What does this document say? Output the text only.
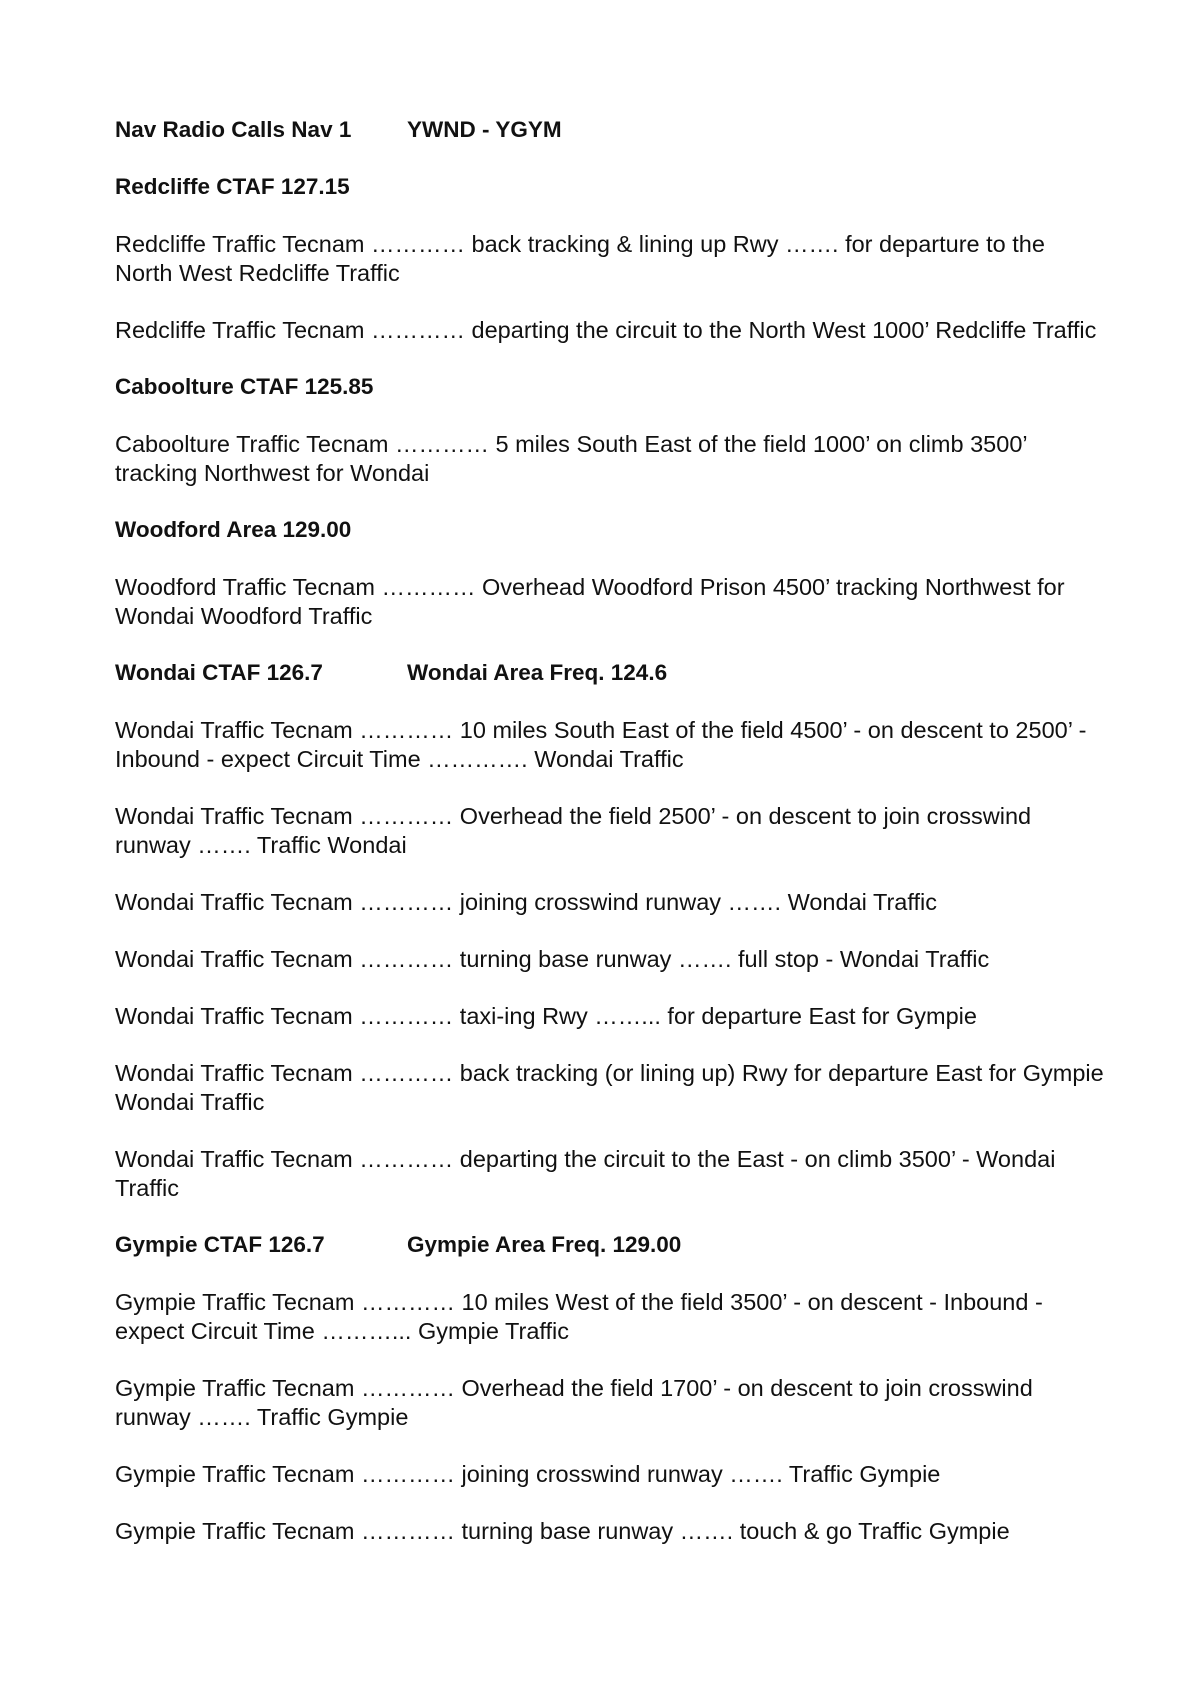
Nav Radio Calls Nav 1 YWND - YGYM
Redcliffe CTAF 127.15
Redcliffe Traffic Tecnam ………… back tracking & lining up Rwy ……. for departure to the North West Redcliffe Traffic
Redcliffe Traffic Tecnam ………… departing the circuit to the North West 1000’ Redcliffe Traffic
Caboolture CTAF 125.85
Caboolture Traffic Tecnam ………… 5 miles South East of the field 1000’ on climb 3500’ tracking Northwest for Wondai
Woodford Area 129.00
Woodford Traffic Tecnam ………… Overhead Woodford Prison 4500’ tracking Northwest for Wondai Woodford Traffic
Wondai CTAF 126.7	Wondai Area Freq. 124.6
Wondai Traffic Tecnam ………… 10 miles South East of the field 4500’ - on descent to 2500’ - Inbound - expect Circuit Time …………. Wondai Traffic
Wondai Traffic Tecnam ………… Overhead the field 2500’ - on descent to join crosswind runway ……. Traffic Wondai
Wondai Traffic Tecnam ………… joining crosswind runway ……. Wondai Traffic
Wondai Traffic Tecnam ………… turning base runway ……. full stop - Wondai Traffic
Wondai Traffic Tecnam ………… taxi-ing Rwy ……... for departure East for Gympie
Wondai Traffic Tecnam ………… back tracking (or lining up) Rwy for departure East for Gympie Wondai Traffic
Wondai Traffic Tecnam ………… departing the circuit to the East - on climb 3500’ - Wondai Traffic
Gympie CTAF 126.7	Gympie Area Freq. 129.00
Gympie Traffic Tecnam ………… 10 miles West of the field 3500’ - on descent - Inbound - expect Circuit Time ………... Gympie Traffic
Gympie Traffic Tecnam ………… Overhead the field 1700’ - on descent to join crosswind runway ……. Traffic Gympie
Gympie Traffic Tecnam ………… joining crosswind runway ……. Traffic Gympie
Gympie Traffic Tecnam ………… turning base runway ……. touch & go Traffic Gympie
